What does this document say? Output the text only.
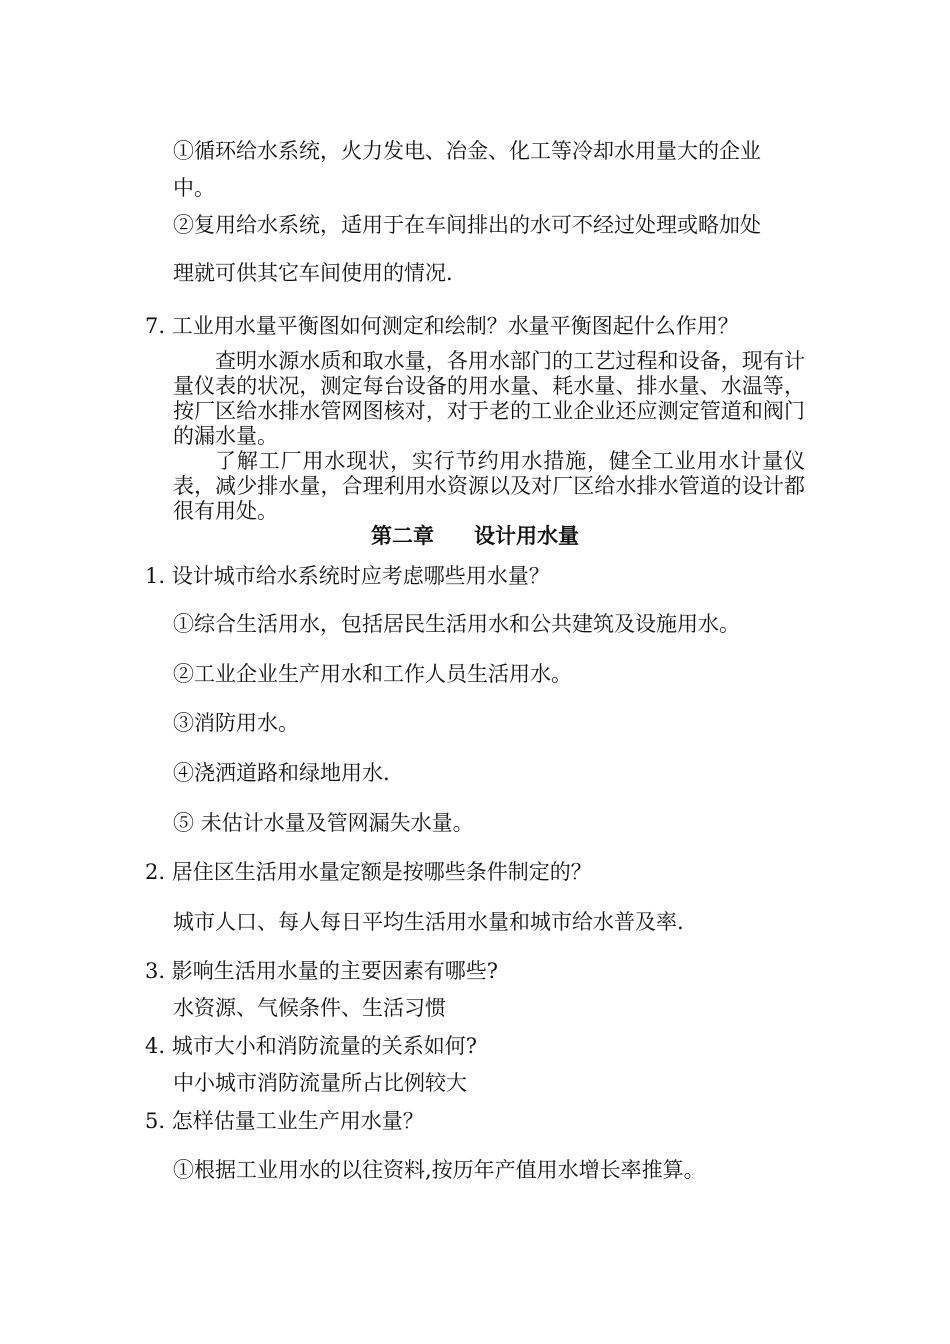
①循环给水系统，火力发电、冶金、化工等冷却水用量大的企业
中。
②复用给水系统，适用于在车间排出的水可不经过处理或略加处
理就可供其它车间使用的情况.
7. 工业用水量平衡图如何测定和绘制？水量平衡图起什么作用？
查明水源水质和取水量，各用水部门的工艺过程和设备，现有计量仪表的状况，测定每台设备的用水量、耗水量、排水量、水温等，按厂区给水排水管网图核对，对于老的工业企业还应测定管道和阀门的漏水量。
了解工厂用水现状，实行节约用水措施，健全工业用水计量仪表，减少排水量，合理利用水资源以及对厂区给水排水管道的设计都很有用处。
第二章 设计用水量
1. 设计城市给水系统时应考虑哪些用水量？
①综合生活用水，包括居民生活用水和公共建筑及设施用水。
②工业企业生产用水和工作人员生活用水。
③消防用水。
④浇洒道路和绿地用水.
⑤ 未估计水量及管网漏失水量。
2. 居住区生活用水量定额是按哪些条件制定的？
城市人口、每人每日平均生活用水量和城市给水普及率.
3. 影响生活用水量的主要因素有哪些?
水资源、气候条件、生活习惯
4. 城市大小和消防流量的关系如何?
中小城市消防流量所占比例较大
5. 怎样估量工业生产用水量？
①根据工业用水的以往资料,按历年产值用水增长率推算。
